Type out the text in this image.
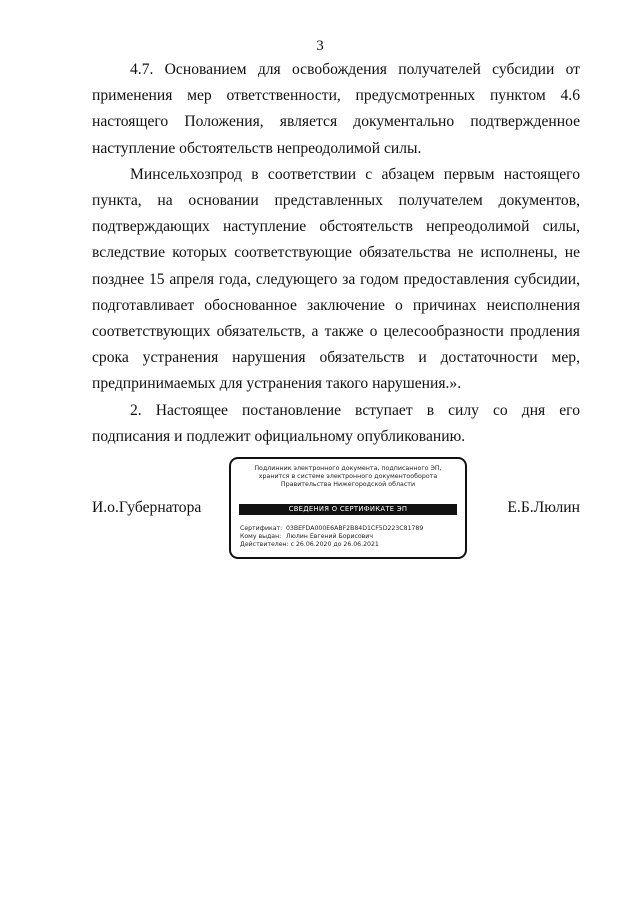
3

4.7. Основанием для освобождения получателей субсидии от применения мер ответственности, предусмотренных пунктом 4.6 настоящего Положения, является документально подтвержденное наступление обстоятельств непреодолимой силы.

Минсельхозпрод в соответствии с абзацем первым настоящего пункта, на основании представленных получателем документов, подтверждающих наступление обстоятельств непреодолимой силы, вследствие которых соответствующие обязательства не исполнены, не позднее 15 апреля года, следующего за годом предоставления субсидии, подготавливает обоснованное заключение о причинах неисполнения соответствующих обязательств, а также о целесообразности продления срока устранения нарушения обязательств и достаточности мер, предпринимаемых для устранения такого нарушения.».

2. Настоящее постановление вступает в силу со дня его подписания и подлежит официальному опубликованию.

И.о.Губернатора
Подлинник электронного документа, подписанного ЭП,
хранится в системе электронного документооборота
Правительства Нижегородской области
СВЕДЕНИЯ О СЕРТИФИКАТЕ ЭП
Сертификат: 03BEFDA000E6ABF2B84D1CF5D223C81789
Кому выдан: Люлин Евгений Борисович
Действителен: с 26.06.2020 до 26.06.2021
Е.Б.Люлин
